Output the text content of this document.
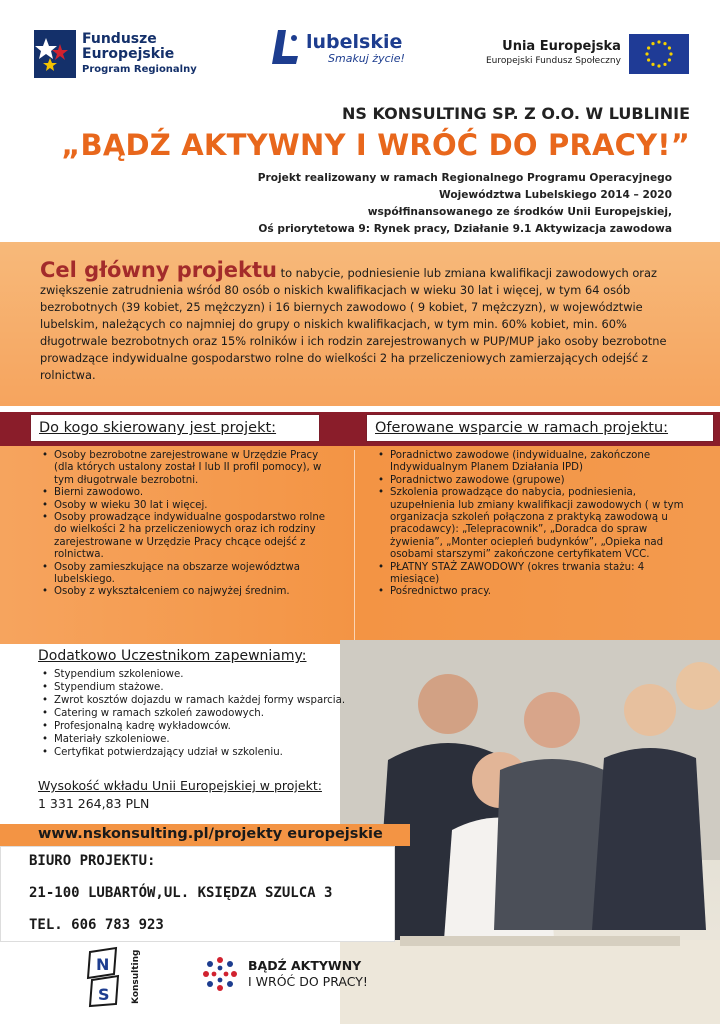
Fundusze
Europejskie
Program Regionalny
lubelskie
Smakuj życie!
Unia Europejska
Europejski Fundusz Społeczny
NS KONSULTING SP. Z O.O. W LUBLINIE
„BĄDŹ AKTYWNY I WRÓĆ DO PRACY!”
Projekt realizowany w ramach Regionalnego Programu Operacyjnego
Województwa Lubelskiego 2014 – 2020
współfinansowanego ze środków Unii Europejskiej,
Oś priorytetowa 9: Rynek pracy, Działanie 9.1 Aktywizacja zawodowa
Cel główny projektu to nabycie, podniesienie lub zmiana kwalifikacji zawodowych oraz zwiększenie zatrudnienia wśród 80 osób o niskich kwalifikacjach w wieku 30 lat i więcej, w tym 64 osób bezrobotnych (39 kobiet, 25 mężczyzn) i 16 biernych zawodowo ( 9 kobiet, 7 mężczyzn), w województwie lubelskim, należących co najmniej do grupy o niskich kwalifikacjach, w tym min. 60% kobiet, min. 60% długotrwale bezrobotnych oraz 15% rolników i ich rodzin zarejestrowanych w PUP/MUP jako osoby bezrobotne prowadzące indywidualne gospodarstwo rolne do wielkości 2 ha przeliczeniowych zamierzających odejść z rolnictwa.
Do kogo skierowany jest projekt:	Oferowane wsparcie w ramach projektu:
• Osoby bezrobotne zarejestrowane w Urzędzie Pracy (dla których ustalony został I lub II profil pomocy), w tym długotrwale bezrobotni.
• Bierni zawodowo.
• Osoby w wieku 30 lat i więcej.
• Osoby prowadzące indywidualne gospodarstwo rolne do wielkości 2 ha przeliczeniowych oraz ich rodziny zarejestrowane w Urzędzie Pracy chcące odejść z rolnictwa.
• Osoby zamieszkujące na obszarze województwa lubelskiego.
• Osoby z wykształceniem co najwyżej średnim.
• Poradnictwo zawodowe (indywidualne, zakończone Indywidualnym Planem Działania IPD)
• Poradnictwo zawodowe (grupowe)
• Szkolenia prowadzące do nabycia, podniesienia, uzupełnienia lub zmiany kwalifikacji zawodowych ( w tym organizacja szkoleń połączona z praktyką zawodową u pracodawcy): „Telepracownik”, „Doradca do spraw żywienia”, „Monter ociepleń budynków”, „Opieka nad osobami starszymi” zakończone certyfikatem VCC.
• PŁATNY STAŻ ZAWODOWY (okres trwania stażu: 4 miesiące)
• Pośrednictwo pracy.
Dodatkowo Uczestnikom zapewniamy:
• Stypendium szkoleniowe.
• Stypendium stażowe.
• Zwrot kosztów dojazdu w ramach każdej formy wsparcia.
• Catering w ramach szkoleń zawodowych.
• Profesjonalną kadrę wykładowców.
• Materiały szkoleniowe.
• Certyfikat potwierdzający udział w szkoleniu.
Wysokość wkładu Unii Europejskiej w projekt:
1 331 264,83 PLN
www.nskonsulting.pl/projekty europejskie
BIURO PROJEKTU:
21-100 LUBARTÓW,UL. KSIĘDZA SZULCA 3
TEL. 606 783 923
N
S Konsulting	BĄDŹ AKTYWNY
I WRÓĆ DO PRACY!
